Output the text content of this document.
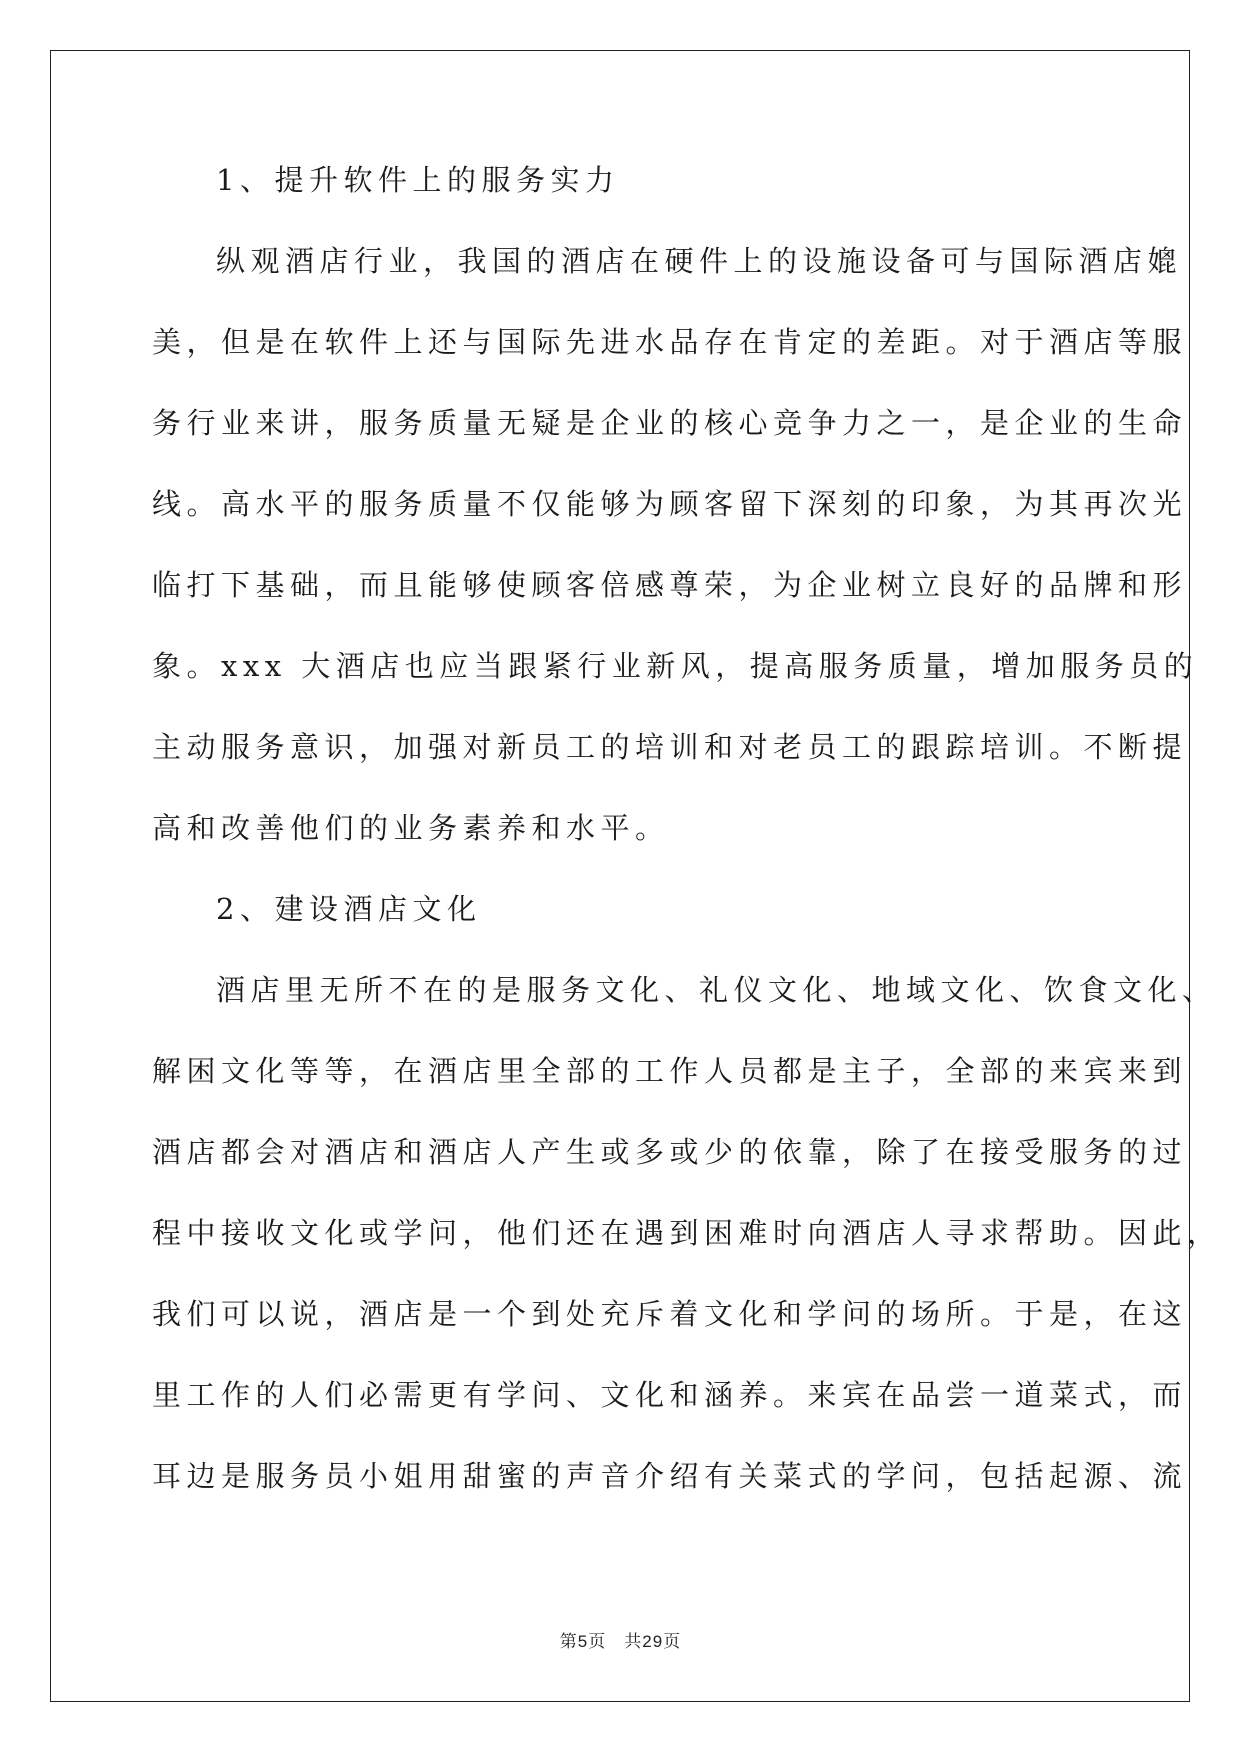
1、提升软件上的服务实力
纵观酒店行业，我国的酒店在硬件上的设施设备可与国际酒店媲
美，但是在软件上还与国际先进水品存在肯定的差距。对于酒店等服
务行业来讲，服务质量无疑是企业的核心竞争力之一，是企业的生命
线。高水平的服务质量不仅能够为顾客留下深刻的印象，为其再次光
临打下基础，而且能够使顾客倍感尊荣，为企业树立良好的品牌和形
象。xxx 大酒店也应当跟紧行业新风，提高服务质量，增加服务员的
主动服务意识，加强对新员工的培训和对老员工的跟踪培训。不断提
高和改善他们的业务素养和水平。
2、建设酒店文化
酒店里无所不在的是服务文化、礼仪文化、地域文化、饮食文化、
解困文化等等，在酒店里全部的工作人员都是主子，全部的来宾来到
酒店都会对酒店和酒店人产生或多或少的依靠，除了在接受服务的过
程中接收文化或学问，他们还在遇到困难时向酒店人寻求帮助。因此，
我们可以说，酒店是一个到处充斥着文化和学问的场所。于是，在这
里工作的人们必需更有学问、文化和涵养。来宾在品尝一道菜式，而
耳边是服务员小姐用甜蜜的声音介绍有关菜式的学问，包括起源、流
第5页 共29页
